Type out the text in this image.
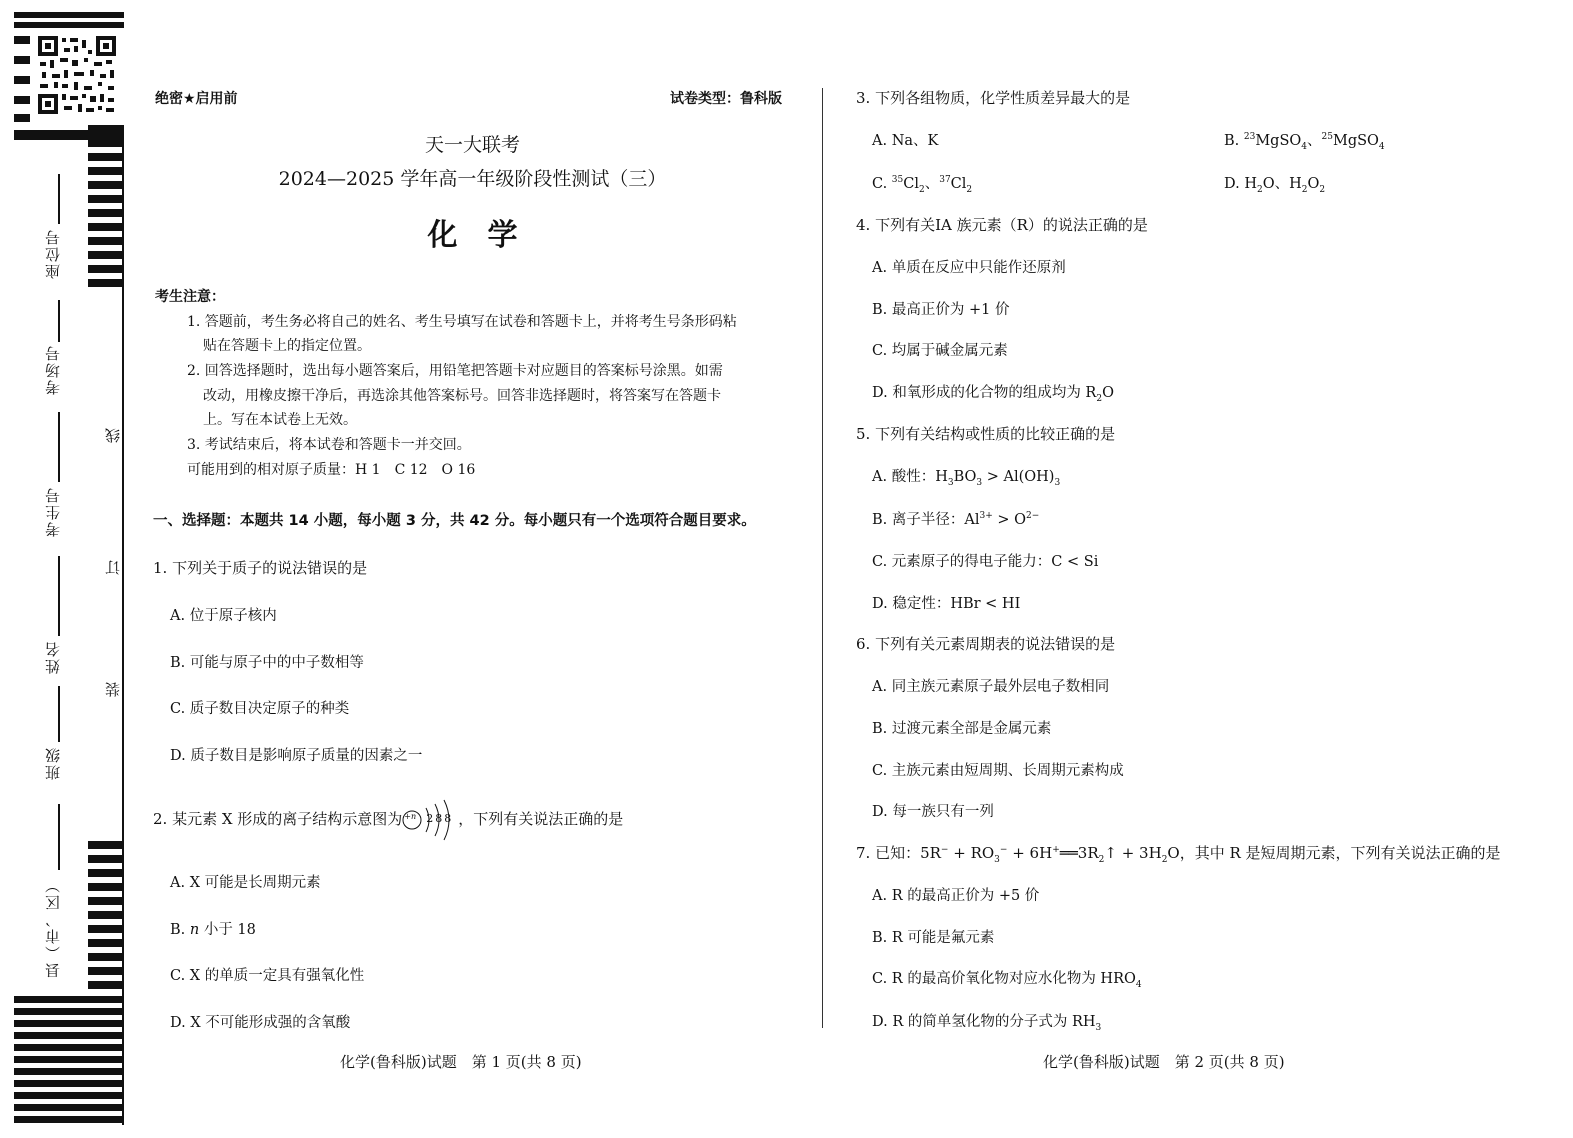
座位号
考场号
考生号
姓名
班级
县（市、区）
线
订
装
绝密★启用前	试卷类型：鲁科版
天一大联考
2024—2025 学年高一年级阶段性测试（三）
化　学
考生注意：
1. 答题前，考生务必将自己的姓名、考生号填写在试卷和答题卡上，并将考生号条形码粘
贴在答题卡上的指定位置。
2. 回答选择题时，选出每小题答案后，用铅笔把答题卡对应题目的答案标号涂黑。如需
改动，用橡皮擦干净后，再选涂其他答案标号。回答非选择题时，将答案写在答题卡
上。写在本试卷上无效。
3. 考试结束后，将本试卷和答题卡一并交回。
可能用到的相对原子质量：H 1　C 12　O 16
一、选择题：本题共 14 小题，每小题 3 分，共 42 分。每小题只有一个选项符合题目要求。
1. 下列关于质子的说法错误的是
A. 位于原子核内
B. 可能与原子中的中子数相等
C. 质子数目决定原子的种类
D. 质子数目是影响原子质量的因素之一
2. 某元素 X 形成的离子结构示意图为 +n 2 8 8 ，下列有关说法正确的是
A. X 可能是长周期元素
B. n 小于 18
C. X 的单质一定具有强氧化性
D. X 不可能形成强的含氧酸
化学(鲁科版)试题　第 1 页(共 8 页)
3. 下列各组物质，化学性质差异最大的是
A. Na、K	B. $^{23}$MgSO$_4$、$^{25}$MgSO$_4$
C. $^{35}Cl_2$、$^{37}Cl_2$	D. $H_2O$、$H_2O_2$
4. 下列有关ⅠA 族元素（R）的说法正确的是
A. 单质在反应中只能作还原剂
B. 最高正价为 +1 价
C. 均属于碱金属元素
D. 和氧形成的化合物的组成均为 $R_2O$
5. 下列有关结构或性质的比较正确的是
A. 酸性：$H_3BO_3 > Al(OH)_3$
B. 离子半径：$Al^{3+} > O^{2-}$
C. 元素原子的得电子能力：C < Si
D. 稳定性：HBr < HI
6. 下列有关元素周期表的说法错误的是
A. 同主族元素原子最外层电子数相同
B. 过渡元素全部是金属元素
C. 主族元素由短周期、长周期元素构成
D. 每一族只有一列
7. 已知：$5R^- + RO_3^-$ + $6H^+══3R_2↑ + 3H_2O$，其中 R 是短周期元素，下列有关说法正确的是
A. R 的最高正价为 +5 价
B. R 可能是氟元素
C. R 的最高价氧化物对应水化物为 $HRO_4$
D. R 的简单氢化物的分子式为 $RH_3$
化学(鲁科版)试题　第 2 页(共 8 页)
